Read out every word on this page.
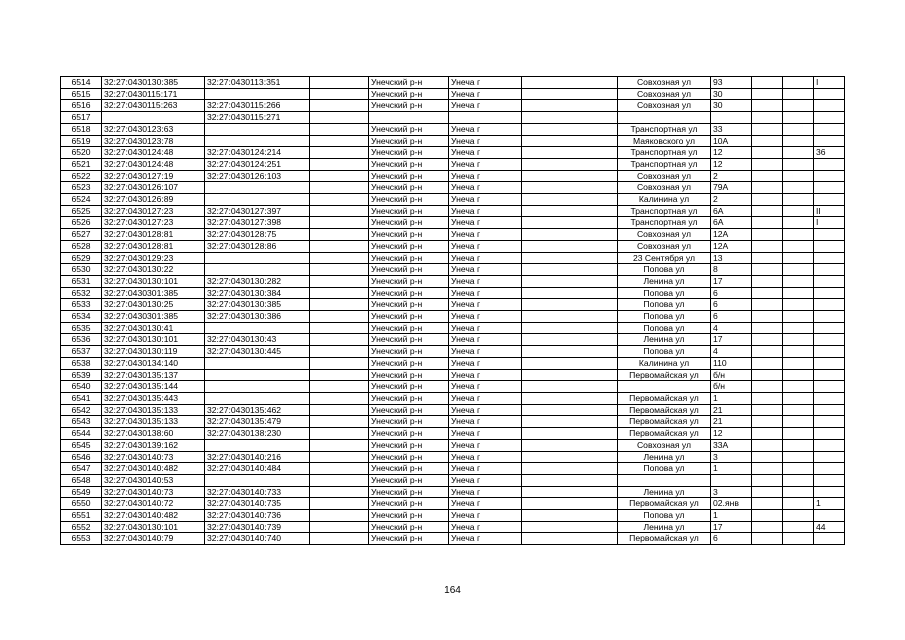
6514	32:27:0430130:385	32:27:0430113:351		Унечский р-н	Унеча г		Совхозная ул	93			I
6515	32:27:0430115:171			Унечский р-н	Унеча г		Совхозная ул	30			
6516	32:27:0430115:263	32:27:0430115:266		Унечский р-н	Унеча г		Совхозная ул	30			
6517		32:27:0430115:271									
6518	32:27:0430123:63			Унечский р-н	Унеча г		Транспортная ул	33			
6519	32:27:0430123:78			Унечский р-н	Унеча г		Маяковского ул	10А			
6520	32:27:0430124:48	32:27:0430124:214		Унечский р-н	Унеча г		Транспортная ул	12			36
6521	32:27:0430124:48	32:27:0430124:251		Унечский р-н	Унеча г		Транспортная ул	12			
6522	32:27:0430127:19	32:27:0430126:103		Унечский р-н	Унеча г		Совхозная ул	2			
6523	32:27:0430126:107			Унечский р-н	Унеча г		Совхозная ул	79А			
6524	32:27:0430126:89			Унечский р-н	Унеча г		Калинина ул	2			
6525	32:27:0430127:23	32:27:0430127:397		Унечский р-н	Унеча г		Транспортная ул	6А			II
6526	32:27:0430127:23	32:27:0430127:398		Унечский р-н	Унеча г		Транспортная ул	6А			I
6527	32:27:0430128:81	32:27:0430128:75		Унечский р-н	Унеча г		Совхозная ул	12А			
6528	32:27:0430128:81	32:27:0430128:86		Унечский р-н	Унеча г		Совхозная ул	12А			
6529	32:27:0430129:23			Унечский р-н	Унеча г		23 Сентября ул	13			
6530	32:27:0430130:22			Унечский р-н	Унеча г		Попова ул	8			
6531	32:27:0430130:101	32:27:0430130:282		Унечский р-н	Унеча г		Ленина ул	17			
6532	32:27:0430301:385	32:27:0430130:384		Унечский р-н	Унеча г		Попова ул	6			
6533	32:27:0430130:25	32:27:0430130:385		Унечский р-н	Унеча г		Попова ул	6			
6534	32:27:0430301:385	32:27:0430130:386		Унечский р-н	Унеча г		Попова ул	6			
6535	32:27:0430130:41			Унечский р-н	Унеча г		Попова ул	4			
6536	32:27:0430130:101	32:27:0430130:43		Унечский р-н	Унеча г		Ленина ул	17			
6537	32:27:0430130:119	32:27:0430130:445		Унечский р-н	Унеча г		Попова ул	4			
6538	32:27:0430134:140			Унечский р-н	Унеча г		Калинина ул	110			
6539	32:27:0430135:137			Унечский р-н	Унеча г		Первомайская ул	б/н			
6540	32:27:0430135:144			Унечский р-н	Унеча г			б/н			
6541	32:27:0430135:443			Унечский р-н	Унеча г		Первомайская ул	1			
6542	32:27:0430135:133	32:27:0430135:462		Унечский р-н	Унеча г		Первомайская ул	21			
6543	32:27:0430135:133	32:27:0430135:479		Унечский р-н	Унеча г		Первомайская ул	21			
6544	32:27:0430138:60	32:27:0430138:230		Унечский р-н	Унеча г		Первомайская ул	12			
6545	32:27:0430139:162			Унечский р-н	Унеча г		Совхозная ул	33А			
6546	32:27:0430140:73	32:27:0430140:216		Унечский р-н	Унеча г		Ленина ул	3			
6547	32:27:0430140:482	32:27:0430140:484		Унечский р-н	Унеча г		Попова ул	1			
6548	32:27:0430140:53			Унечский р-н	Унеча г						
6549	32:27:0430140:73	32:27:0430140:733		Унечский р-н	Унеча г		Ленина ул	3			
6550	32:27:0430140:72	32:27:0430140:735		Унечский р-н	Унеча г		Первомайская ул	02.янв			1
6551	32:27:0430140:482	32:27:0430140:736		Унечский р-н	Унеча г		Попова ул	1			
6552	32:27:0430130:101	32:27:0430140:739		Унечский р-н	Унеча г		Ленина ул	17			44
6553	32:27:0430140:79	32:27:0430140:740		Унечский р-н	Унеча г		Первомайская ул	6			
164
